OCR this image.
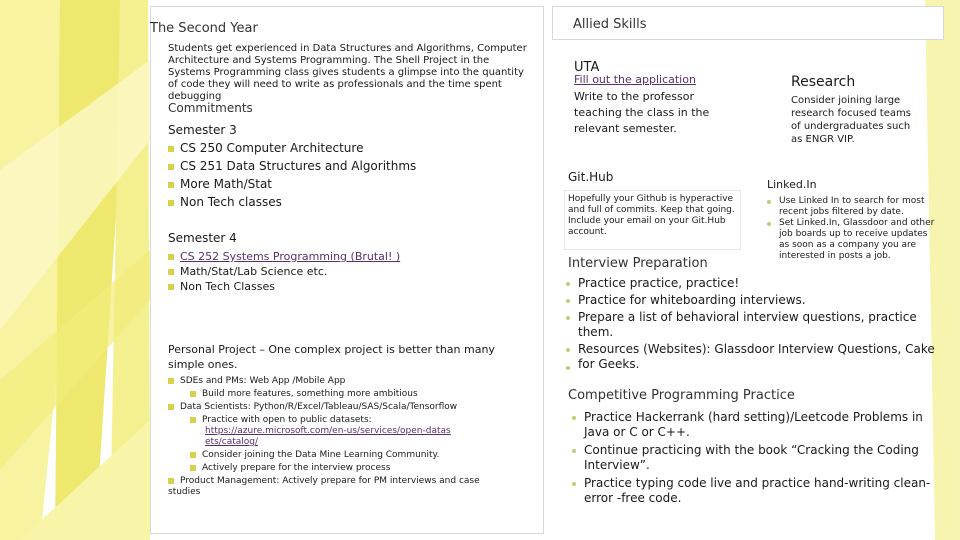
The Second Year
Students get experienced in Data Structures and Algorithms, Computer Architecture and Systems Programming. The Shell Project in the Systems Programming class gives students a glimpse into the quantity of code they will need to write as professionals and the time spent debugging
Commitments
Semester 3
CS 250 Computer Architecture
CS 251 Data Structures and Algorithms
More Math/Stat
Non Tech classes
Semester 4
CS 252 Systems Programming (Brutal! )
Math/Stat/Lab Science etc.
Non Tech Classes
Personal Project – One complex project is better than many simple ones.
SDEs and PMs: Web App /Mobile App
Build more features, something more ambitious
Data Scientists: Python/R/Excel/Tableau/SAS/Scala/Tensorflow
Practice with open to public datasets:
https://azure.microsoft.com/en-us/services/open-datasets/catalog/
Consider joining the Data Mine Learning Community.
Actively prepare for the interview process
Product Management: Actively prepare for PM interviews and case studies
Allied Skills
UTA
Fill out the application
Write to the professor teaching the class in the relevant semester.
Research
Consider joining large research focused teams of undergraduates such as ENGR VIP.
Git.Hub
Hopefully your Github is hyperactive and full of commits. Keep that going. Include your email on your Git.Hub account.
Linked.In
Use Linked In to search for most recent jobs filtered by date.
Set Linked.In, Glassdoor and other job boards up to receive updates as soon as a company you are interested in posts a job.
Interview Preparation
Practice practice, practice!
Practice for whiteboarding interviews.
Prepare a list of behavioral interview questions, practice them.
Resources (Websites): Glassdoor Interview Questions, Cake for Geeks.
Competitive Programming Practice
Practice Hackerrank (hard setting)/Leetcode Problems in Java or C or C++.
Continue practicing with the book “Cracking the Coding Interview”.
Practice typing code live and practice hand-writing clean-error -free code.
